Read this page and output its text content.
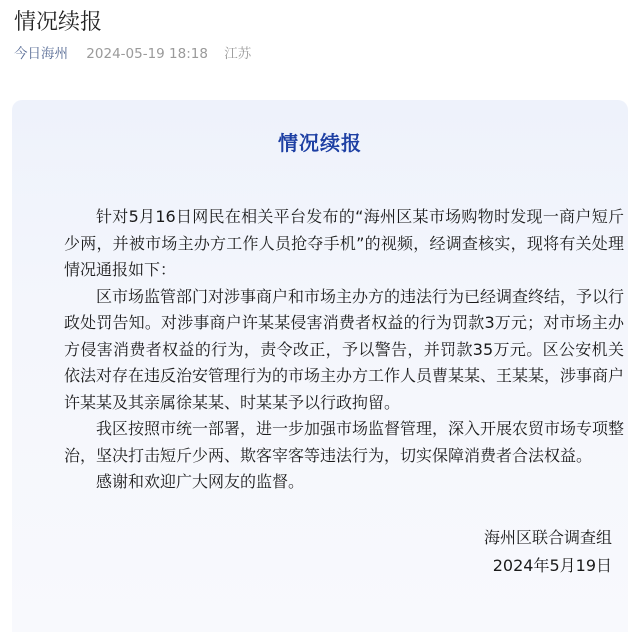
情况续报
今日海州 2024-05-19 18:18 江苏
情况续报

针对5月16日网民在相关平台发布的“海州区某市场购物时发现一商户短斤少两，并被市场主办方工作人员抢夺手机”的视频，经调查核实，现将有关处理情况通报如下：

区市场监管部门对涉事商户和市场主办方的违法行为已经调查终结，予以行政处罚告知。对涉事商户许某某侵害消费者权益的行为罚款3万元；对市场主办方侵害消费者权益的行为，责令改正，予以警告，并罚款35万元。区公安机关依法对存在违反治安管理行为的市场主办方工作人员曹某某、王某某，涉事商户许某某及其亲属徐某某、时某某予以行政拘留。

我区按照市统一部署，进一步加强市场监督管理，深入开展农贸市场专项整治，坚决打击短斤少两、欺客宰客等违法行为，切实保障消费者合法权益。

感谢和欢迎广大网友的监督。

海州区联合调查组
2024年5月19日
